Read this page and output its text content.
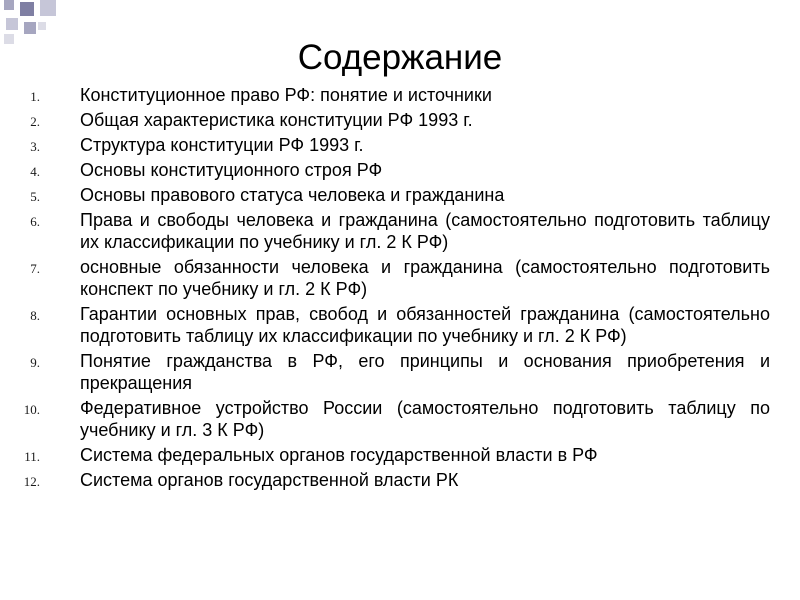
Содержание
1. Конституционное право РФ: понятие и источники
2. Общая характеристика конституции РФ 1993 г.
3. Структура конституции РФ 1993 г.
4. Основы конституционного строя РФ
5. Основы правового статуса человека и гражданина
6. Права и свободы человека и гражданина (самостоятельно подготовить таблицу их классификации по учебнику и гл. 2 К РФ)
7. основные обязанности человека и гражданина (самостоятельно подготовить конспект по учебнику и гл. 2 К РФ)
8. Гарантии основных прав, свобод и обязанностей гражданина (самостоятельно подготовить таблицу их классификации по учебнику и гл. 2 К РФ)
9. Понятие гражданства в РФ, его принципы и основания приобретения и прекращения
10. Федеративное устройство России (самостоятельно подготовить таблицу по учебнику и гл. 3 К РФ)
11. Система федеральных органов государственной власти в РФ
12. Система органов государственной власти РК
